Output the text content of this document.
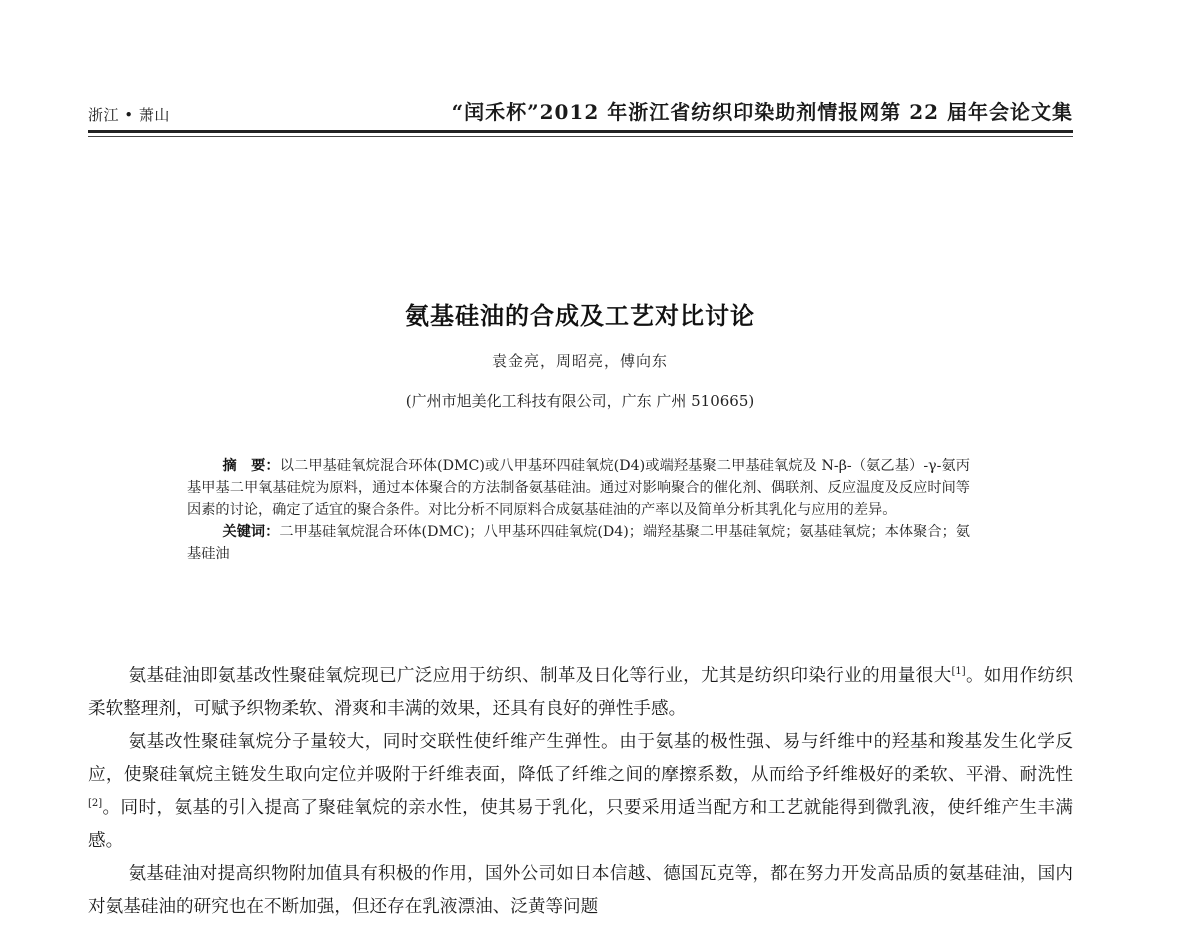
浙江 • 萧山	“闰禾杯”2012 年浙江省纺织印染助剂情报网第 22 届年会论文集
氨基硅油的合成及工艺对比讨论
袁金亮，周昭亮，傅向东
(广州市旭美化工科技有限公司，广东 广州 510665)

摘　要：以二甲基硅氧烷混合环体(DMC)或八甲基环四硅氧烷(D4)或端羟基聚二甲基硅氧烷及 N-β-（氨乙基）-γ-氨丙基甲基二甲氧基硅烷为原料，通过本体聚合的方法制备氨基硅油。通过对影响聚合的催化剂、偶联剂、反应温度及反应时间等因素的讨论，确定了适宜的聚合条件。对比分析不同原料合成氨基硅油的产率以及简单分析其乳化与应用的差异。

关键词：二甲基硅氧烷混合环体(DMC)；八甲基环四硅氧烷(D4)；端羟基聚二甲基硅氧烷；氨基硅氧烷；本体聚合；氨基硅油

氨基硅油即氨基改性聚硅氧烷现已广泛应用于纺织、制革及日化等行业，尤其是纺织印染行业的用量很大[1]。如用作纺织柔软整理剂，可赋予织物柔软、滑爽和丰满的效果，还具有良好的弹性手感。

氨基改性聚硅氧烷分子量较大，同时交联性使纤维产生弹性。由于氨基的极性强、易与纤维中的羟基和羧基发生化学反应，使聚硅氧烷主链发生取向定位并吸附于纤维表面，降低了纤维之间的摩擦系数，从而给予纤维极好的柔软、平滑、耐洗性[2]。同时，氨基的引入提高了聚硅氧烷的亲水性，使其易于乳化，只要采用适当配方和工艺就能得到微乳液，使纤维产生丰满感。

氨基硅油对提高织物附加值具有积极的作用，国外公司如日本信越、德国瓦克等，都在努力开发高品质的氨基硅油，国内对氨基硅油的研究也在不断加强，但还存在乳液漂油、泛黄等问题
